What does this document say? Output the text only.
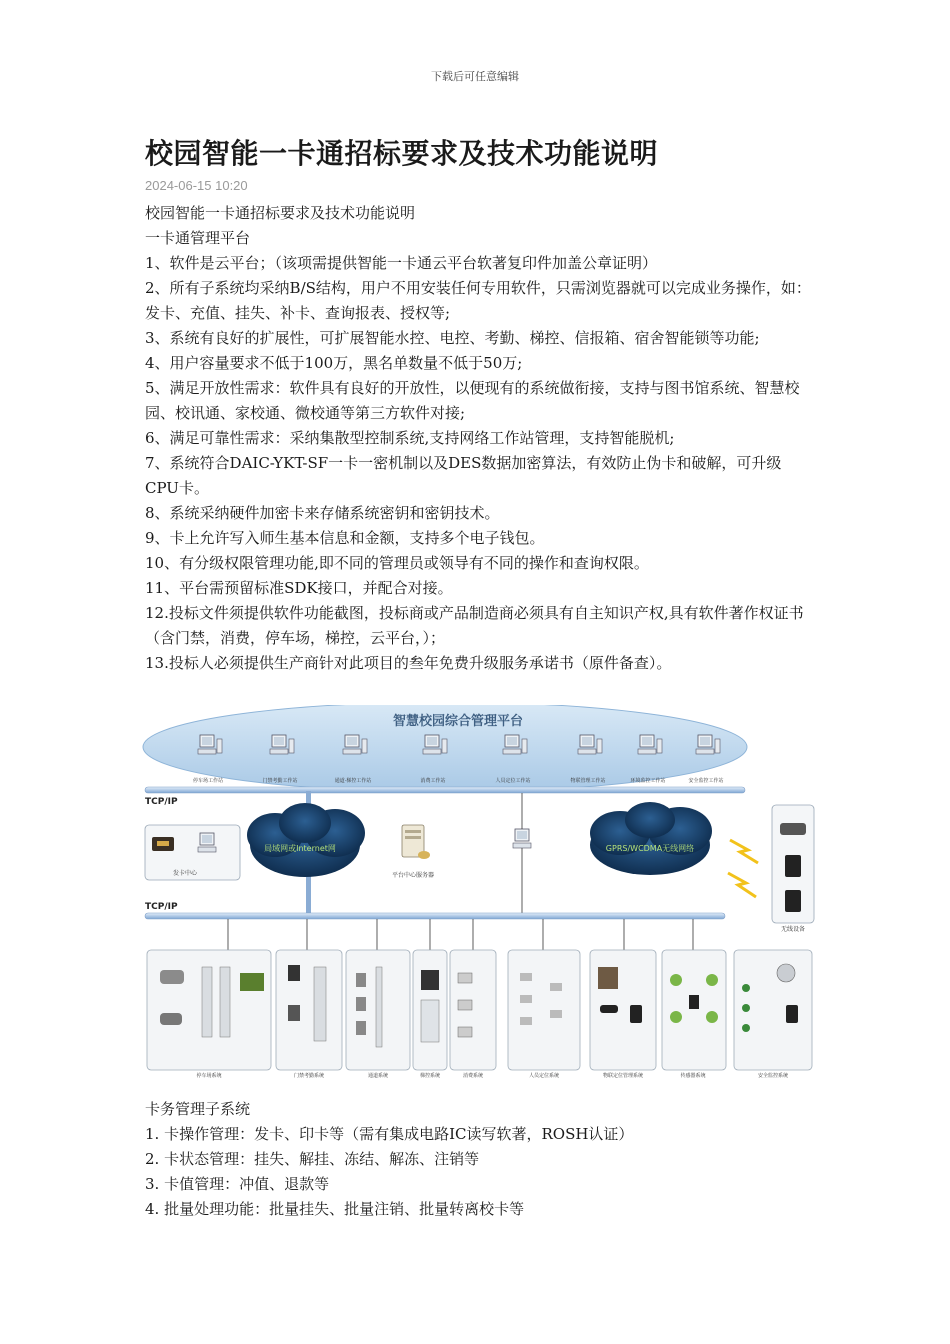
下载后可任意编辑
校园智能一卡通招标要求及技术功能说明
2024-06-15 10:20

校园智能一卡通招标要求及技术功能说明

一卡通管理平台

1、软件是云平台；（该项需提供智能一卡通云平台软著复印件加盖公章证明）

2、所有子系统均采纳B/S结构，用户不用安装任何专用软件，只需浏览器就可以完成业务操作，如：发卡、充值、挂失、补卡、查询报表、授权等;

3、系统有良好的扩展性，可扩展智能水控、电控、考勤、梯控、信报箱、宿舍智能锁等功能;

4、用户容量要求不低于100万，黑名单数量不低于50万;

5、满足开放性需求：软件具有良好的开放性，以便现有的系统做衔接，支持与图书馆系统、智慧校园、校讯通、家校通、微校通等第三方软件对接;

6、满足可靠性需求：采纳集散型控制系统,支持网络工作站管理，支持智能脱机;

7、系统符合DAIC-YKT-SF一卡一密机制以及DES数据加密算法，有效防止伪卡和破解，可升级CPU卡。

8、系统采纳硬件加密卡来存储系统密钥和密钥技术。

9、卡上允许写入师生基本信息和金额，支持多个电子钱包。

10、有分级权限管理功能,即不同的管理员或领导有不同的操作和查询权限。

11、平台需预留标准SDK接口，并配合对接。

12.投标文件须提供软件功能截图，投标商或产品制造商必须具有自主知识产权,具有软件著作权证书（含门禁，消费，停车场，梯控，云平台，）；

13.投标人必须提供生产商针对此项目的叁年免费升级服务承诺书（原件备查）。

智慧校园综合管理平台
停车场工作站	门禁考勤工作站	通道·梯控工作站	消费工作站	人员定位工作站	物联管理工作站	环境监控工作站	安全监控工作站
TCP/IP
发卡中心
局域网或Internet网
平台中心服务器
GPRS/WCDMA无线网络
无线设备
TCP/IP
停车场系统	门禁考勤系统	通道系统	梯控系统	消费系统	人员定位系统	物联定位管理系统	传感器系统	安全监控系统

卡务管理子系统

1. 卡操作管理：发卡、印卡等（需有集成电路IC读写软著，ROSH认证）

2. 卡状态管理：挂失、解挂、冻结、解冻、注销等

3. 卡值管理：冲值、退款等

4. 批量处理功能：批量挂失、批量注销、批量转离校卡等
